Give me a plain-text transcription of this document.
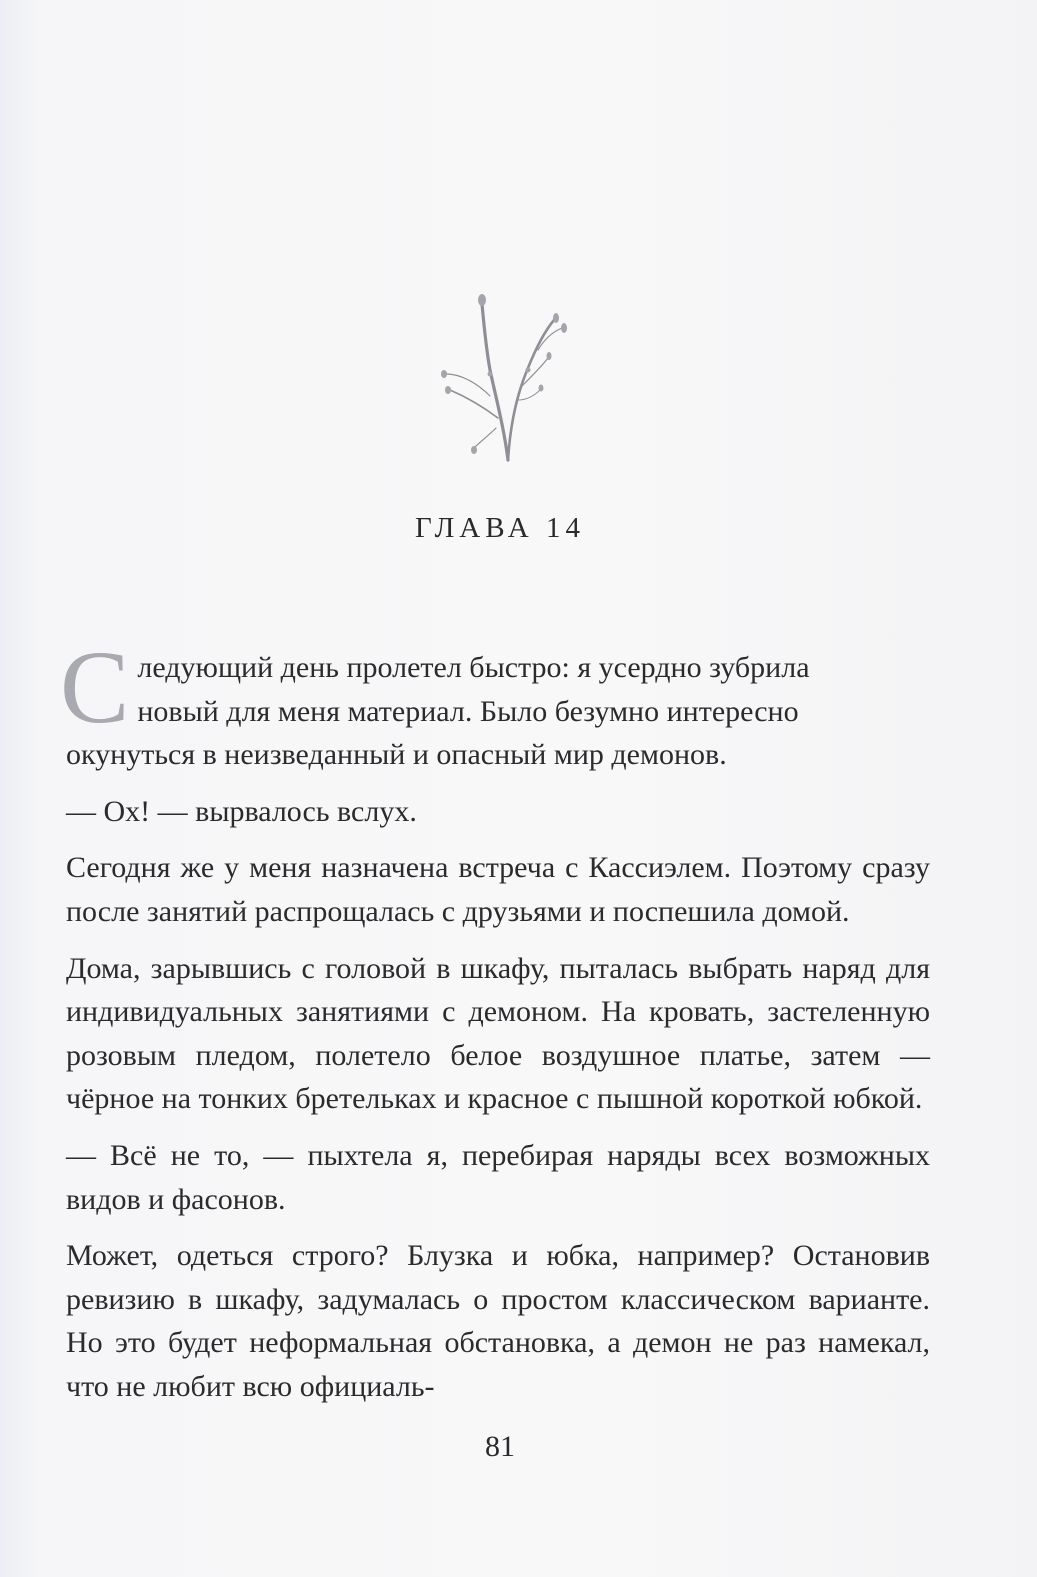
ГЛАВА 14
С ледующий день пролетел быстро: я усердно зубрила

новый для меня материал. Было безумно интересно

окунуться в неизведанный и опасный мир демонов.

— Ох! — вырвалось вслух.

Сегодня же у меня назначена встреча с Кассиэлем. Поэтому сразу после занятий распрощалась с друзьями и поспешила домой.

Дома, зарывшись с головой в шкафу, пыталась выбрать наряд для индивидуальных занятиями с демоном. На кровать, застеленную розовым пледом, полетело белое воздушное платье, затем — чёрное на тонких бретельках и красное с пышной короткой юбкой.

— Всё не то, — пыхтела я, перебирая наряды всех возможных видов и фасонов.

Может, одеться строго? Блузка и юбка, например? Остановив ревизию в шкафу, задумалась о простом классическом варианте. Но это будет неформальная обстановка, а демон не раз намекал, что не любит всю официаль-

81
